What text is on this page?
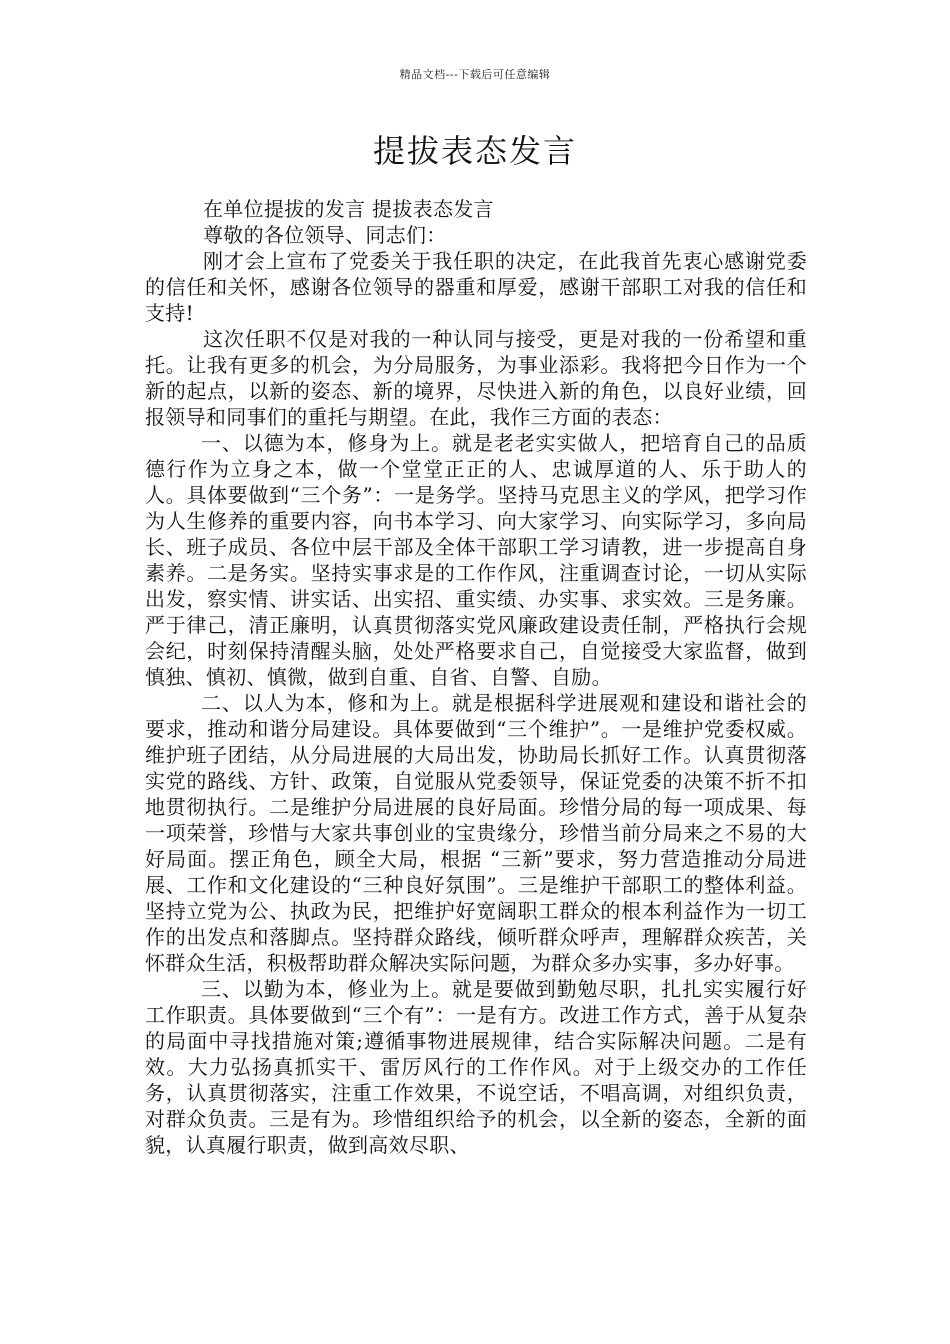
精品文档---下载后可任意编辑
提拔表态发言

在单位提拔的发言 提拔表态发言

尊敬的各位领导、同志们：

刚才会上宣布了党委关于我任职的决定，在此我首先衷心感谢党委的信任和关怀，感谢各位领导的器重和厚爱，感谢干部职工对我的信任和支持!

这次任职不仅是对我的一种认同与接受，更是对我的一份希望和重托。让我有更多的机会，为分局服务，为事业添彩。我将把今日作为一个新的起点，以新的姿态、新的境界，尽快进入新的角色，以良好业绩，回报领导和同事们的重托与期望。在此，我作三方面的表态：

一、以德为本，修身为上。就是老老实实做人，把培育自己的品质德行作为立身之本，做一个堂堂正正的人、忠诚厚道的人、乐于助人的人。具体要做到“三个务”：一是务学。坚持马克思主义的学风，把学习作为人生修养的重要内容，向书本学习、向大家学习、向实际学习，多向局长、班子成员、各位中层干部及全体干部职工学习请教，进一步提高自身素养。二是务实。坚持实事求是的工作作风，注重调查讨论，一切从实际出发，察实情、讲实话、出实招、重实绩、办实事、求实效。三是务廉。严于律己，清正廉明，认真贯彻落实党风廉政建设责任制，严格执行会规会纪，时刻保持清醒头脑，处处严格要求自己，自觉接受大家监督，做到慎独、慎初、慎微，做到自重、自省、自警、自励。

二、以人为本，修和为上。就是根据科学进展观和建设和谐社会的要求，推动和谐分局建设。具体要做到“三个维护”。一是维护党委权威。维护班子团结，从分局进展的大局出发，协助局长抓好工作。认真贯彻落实党的路线、方针、政策，自觉服从党委领导，保证党委的决策不折不扣地贯彻执行。二是维护分局进展的良好局面。珍惜分局的每一项成果、每一项荣誉，珍惜与大家共事创业的宝贵缘分，珍惜当前分局来之不易的大好局面。摆正角色，顾全大局，根据 “三新”要求，努力营造推动分局进展、工作和文化建设的“三种良好氛围”。三是维护干部职工的整体利益。坚持立党为公、执政为民，把维护好宽阔职工群众的根本利益作为一切工作的出发点和落脚点。坚持群众路线，倾听群众呼声，理解群众疾苦，关怀群众生活，积极帮助群众解决实际问题，为群众多办实事，多办好事。

三、以勤为本，修业为上。就是要做到勤勉尽职，扎扎实实履行好工作职责。具体要做到“三个有”：一是有方。改进工作方式，善于从复杂的局面中寻找措施对策;遵循事物进展规律，结合实际解决问题。二是有效。大力弘扬真抓实干、雷厉风行的工作作风。对于上级交办的工作任务，认真贯彻落实，注重工作效果，不说空话，不唱高调，对组织负责，对群众负责。三是有为。珍惜组织给予的机会，以全新的姿态，全新的面貌，认真履行职责，做到高效尽职、
